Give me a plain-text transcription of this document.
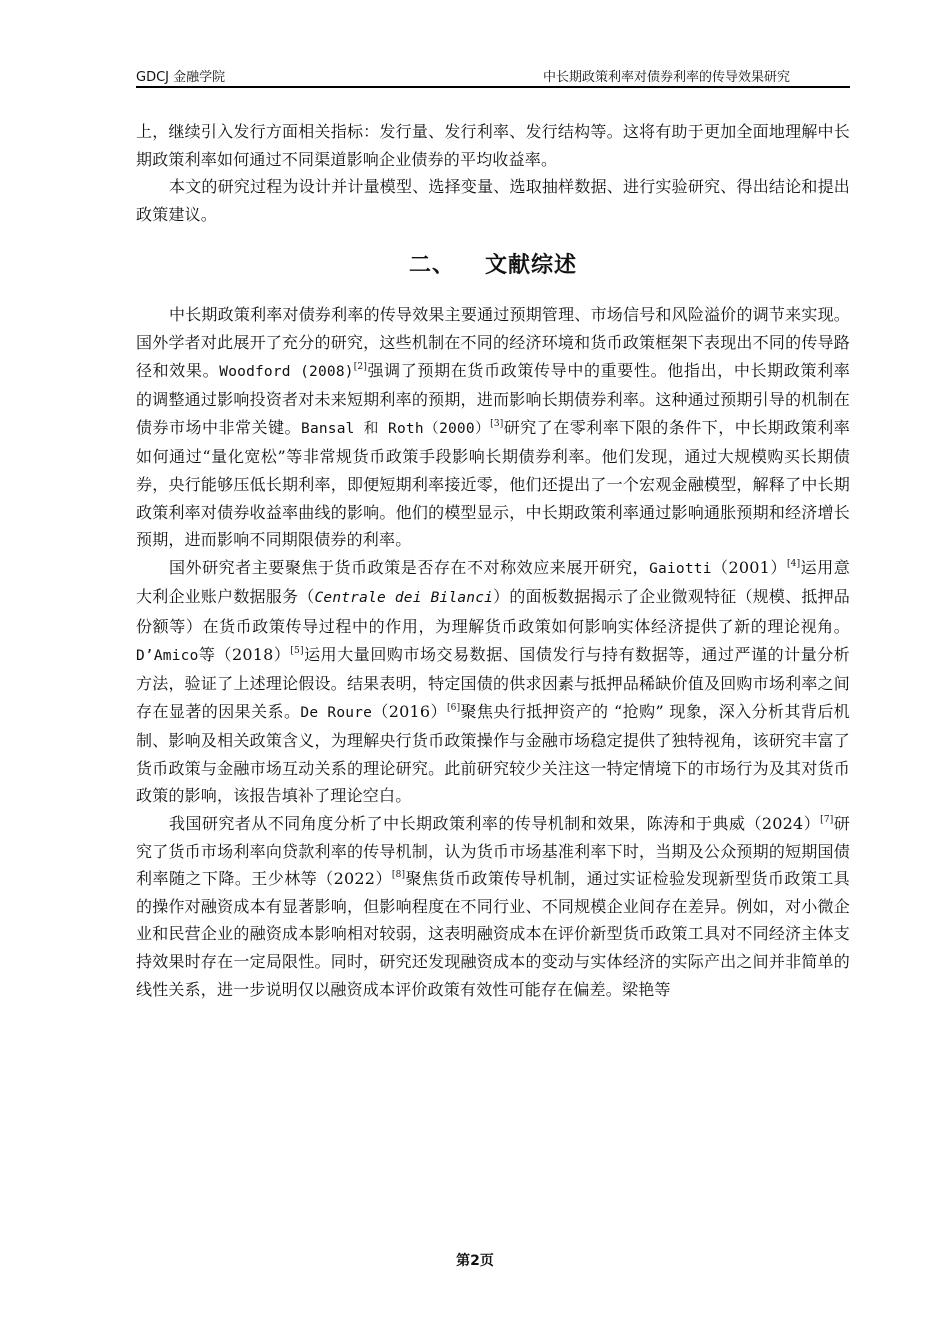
GDCJ 金融学院	中长期政策利率对债券利率的传导效果研究

上，继续引入发行方面相关指标：发行量、发行利率、发行结构等。这将有助于更加全面地理解中长期政策利率如何通过不同渠道影响企业债券的平均收益率。

本文的研究过程为设计并计量模型、选择变量、选取抽样数据、进行实验研究、得出结论和提出政策建议。

二、 文献综述

中长期政策利率对债券利率的传导效果主要通过预期管理、市场信号和风险溢价的调节来实现。国外学者对此展开了充分的研究，这些机制在不同的经济环境和货币政策框架下表现出不同的传导路径和效果。Woodford (2008)[2]强调了预期在货币政策传导中的重要性。他指出，中长期政策利率的调整通过影响投资者对未来短期利率的预期，进而影响长期债券利率。这种通过预期引导的机制在债券市场中非常关键。Bansal 和 Roth（2000）[3]研究了在零利率下限的条件下，中长期政策利率如何通过“量化宽松”等非常规货币政策手段影响长期债券利率。他们发现，通过大规模购买长期债券，央行能够压低长期利率，即便短期利率接近零，他们还提出了一个宏观金融模型，解释了中长期政策利率对债券收益率曲线的影响。他们的模型显示，中长期政策利率通过影响通胀预期和经济增长预期，进而影响不同期限债券的利率。

国外研究者主要聚焦于货币政策是否存在不对称效应来展开研究，Gaiotti（2001）[4]运用意大利企业账户数据服务（Centrale dei Bilanci）的面板数据揭示了企业微观特征（规模、抵押品份额等）在货币政策传导过程中的作用，为理解货币政策如何影响实体经济提供了新的理论视角。D’Amico等（2018）[5]运用大量回购市场交易数据、国债发行与持有数据等，通过严谨的计量分析方法，验证了上述理论假设。结果表明，特定国债的供求因素与抵押品稀缺价值及回购市场利率之间存在显著的因果关系。De Roure（2016）[6]聚焦央行抵押资产的 “抢购” 现象，深入分析其背后机制、影响及相关政策含义，为理解央行货币政策操作与金融市场稳定提供了独特视角，该研究丰富了货币政策与金融市场互动关系的理论研究。此前研究较少关注这一特定情境下的市场行为及其对货币政策的影响，该报告填补了理论空白。

我国研究者从不同角度分析了中长期政策利率的传导机制和效果，陈涛和于典威（2024）[7]研究了货币市场利率向贷款利率的传导机制，认为货币市场基准利率下时，当期及公众预期的短期国债利率随之下降。王少林等（2022）[8]聚焦货币政策传导机制，通过实证检验发现新型货币政策工具的操作对融资成本有显著影响，但影响程度在不同行业、不同规模企业间存在差异。例如，对小微企业和民营企业的融资成本影响相对较弱，这表明融资成本在评价新型货币政策工具对不同经济主体支持效果时存在一定局限性。同时，研究还发现融资成本的变动与实体经济的实际产出之间并非简单的线性关系，进一步说明仅以融资成本评价政策有效性可能存在偏差。梁艳等

第2页
